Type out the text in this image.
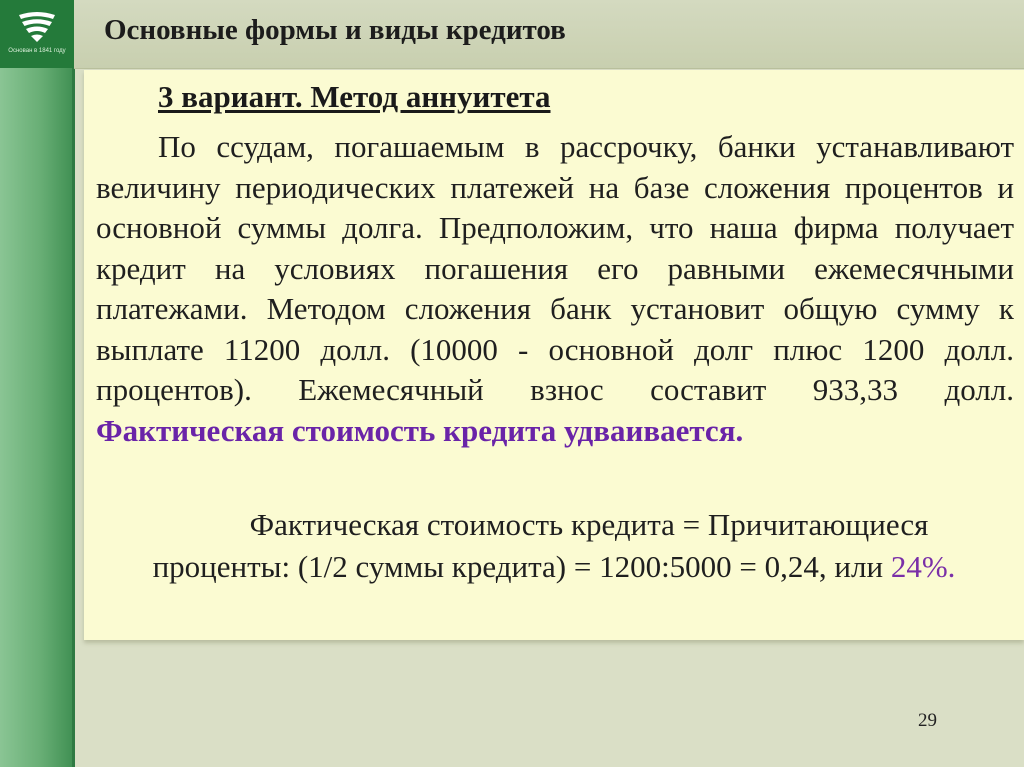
Основан в 1841 году
Основные формы и виды кредитов
3 вариант. Метод аннуитета

По ссудам, погашаемым в рассрочку, банки устанавливают величину периодических платежей на базе сложения процентов и основной суммы долга. Предположим, что наша фирма получает кредит на условиях погашения его равными ежемесячными платежами. Методом сложения банк установит общую сумму к выплате 11200 долл. (10000 - основной долг плюс 1200 долл. процентов). Ежемесячный взнос составит 933,33 долл. Фактическая стоимость кредита удваивается.

Фактическая стоимость кредита = Причитающиеся
проценты: (1/2 суммы кредита) = 1200:5000 = 0,24, или 24%.

29
